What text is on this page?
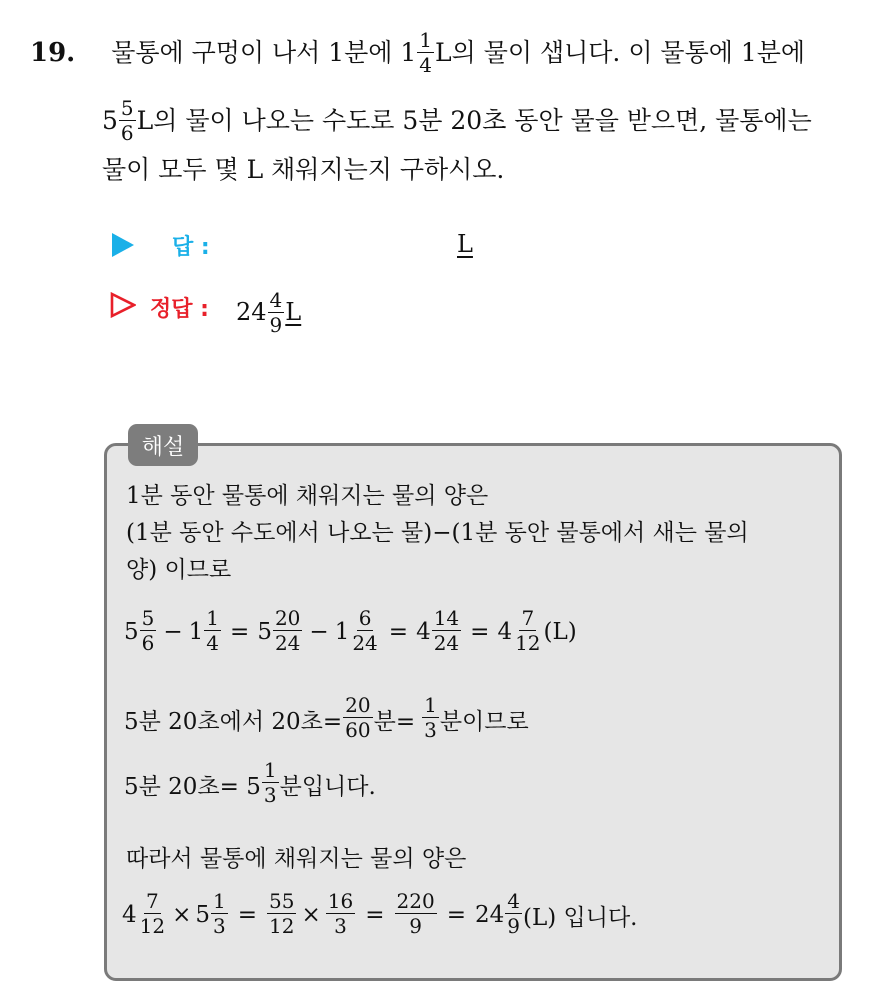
19. 물통에 구멍이 나서 1분에 $1 \frac{1}{4}$ L의 물이 샙니다. 이 물통에 1분에
$5 \frac{5}{6}$ L의 물이 나오는 수도로 5분 20초 동안 물을 받으면, 물통에는
물이 모두 몇 L 채워지는지 구하시오.
답 :	L
정답 : $24 \frac{4}{9}$ L
해설
1분 동안 물통에 채워지는 물의 양은
(1분 동안 수도에서 나오는 물)−(1분 동안 물통에서 새는 물의
양) 이므로
$5 \frac{5}{6} - 1 \frac{1}{4} = 5 \frac{20}{24} - 1 \frac{6}{24} = 4 \frac{14}{24} = 4 \frac{7}{12} (L)$
5분 20초에서 20초= $\frac{20}{60}$ 분= $\frac{1}{3}$ 분이므로
5분 20초= $5 \frac{1}{3}$ 분입니다.
따라서 물통에 채워지는 물의 양은
$4 \frac{7}{12} \times 5 \frac{1}{3} = \frac{55}{12} \times \frac{16}{3} = \frac{220}{9} = 24 \frac{4}{9} (L)$ 입니다.
